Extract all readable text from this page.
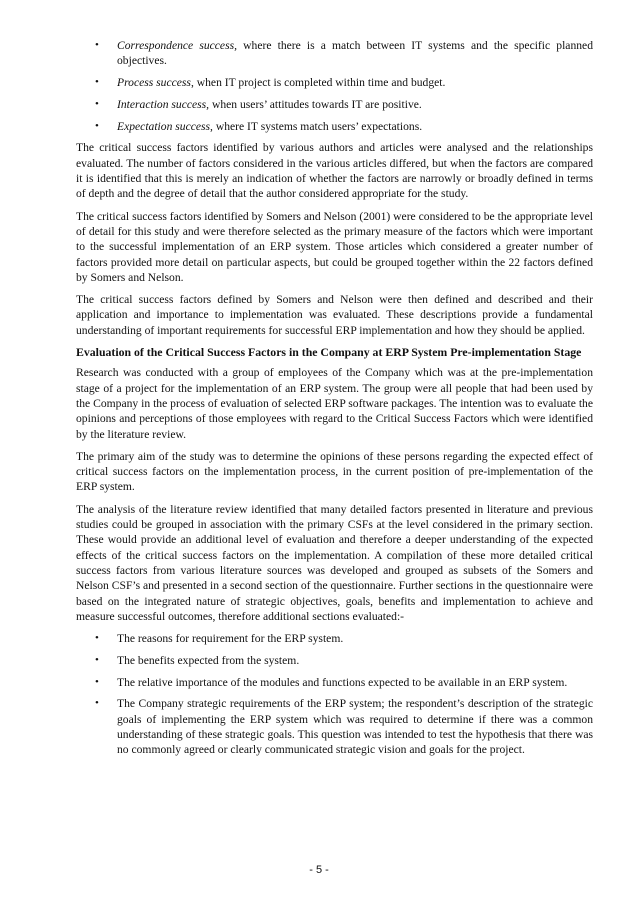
•	Correspondence success, where there is a match between IT systems and the specific planned objectives.
•	Process success, when IT project is completed within time and budget.
•	Interaction success, when users’ attitudes towards IT are positive.
•	Expectation success, where IT systems match users’ expectations.

The critical success factors identified by various authors and articles were analysed and the relationships evaluated. The number of factors considered in the various articles differed, but when the factors are compared it is identified that this is merely an indication of whether the factors are narrowly or broadly defined in terms of depth and the degree of detail that the author considered appropriate for the study.

The critical success factors identified by Somers and Nelson (2001) were considered to be the appropriate level of detail for this study and were therefore selected as the primary measure of the factors which were important to the successful implementation of an ERP system. Those articles which considered a greater number of factors provided more detail on particular aspects, but could be grouped together within the 22 factors defined by Somers and Nelson.

The critical success factors defined by Somers and Nelson were then defined and described and their application and importance to implementation was evaluated. These descriptions provide a fundamental understanding of important requirements for successful ERP implementation and how they should be applied.

Evaluation of the Critical Success Factors in the Company at ERP System Pre-implementation Stage

Research was conducted with a group of employees of the Company which was at the pre-implementation stage of a project for the implementation of an ERP system. The group were all people that had been used by the Company in the process of evaluation of selected ERP software packages. The intention was to evaluate the opinions and perceptions of those employees with regard to the Critical Success Factors which were identified by the literature review.

The primary aim of the study was to determine the opinions of these persons regarding the expected effect of critical success factors on the implementation process, in the current position of pre-implementation of the ERP system.

The analysis of the literature review identified that many detailed factors presented in literature and previous studies could be grouped in association with the primary CSFs at the level considered in the primary section. These would provide an additional level of evaluation and therefore a deeper understanding of the expected effects of the critical success factors on the implementation. A compilation of these more detailed critical success factors from various literature sources was developed and grouped as subsets of the Somers and Nelson CSF’s and presented in a second section of the questionnaire. Further sections in the questionnaire were based on the integrated nature of strategic objectives, goals, benefits and implementation to achieve and measure successful outcomes, therefore additional sections evaluated:-

•	The reasons for requirement for the ERP system.
•	The benefits expected from the system.
•	The relative importance of the modules and functions expected to be available in an ERP system.
•	The Company strategic requirements of the ERP system; the respondent’s description of the strategic goals of implementing the ERP system which was required to determine if there was a common understanding of these strategic goals. This question was intended to test the hypothesis that there was no commonly agreed or clearly communicated strategic vision and goals for the project.
- 5 -
